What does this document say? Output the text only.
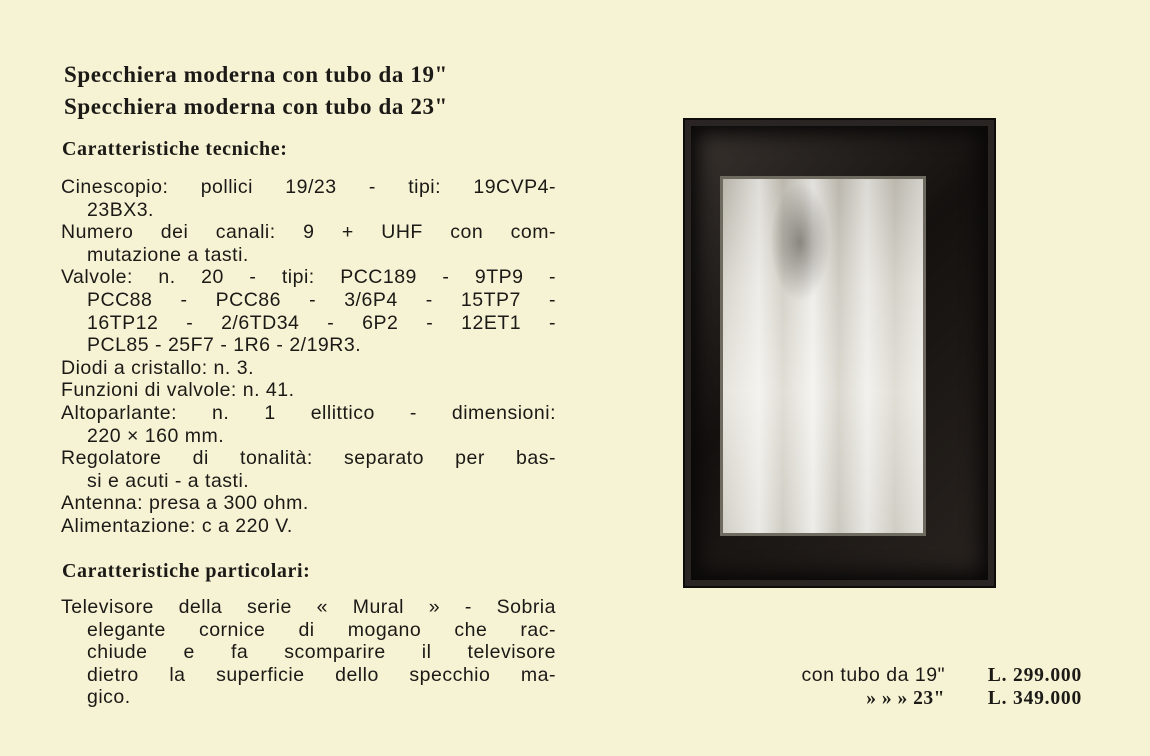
Specchiera moderna con tubo da 19"
Specchiera moderna con tubo da 23"
Caratteristiche tecniche:
Cinescopio: pollici 19/23 - tipi: 19CVP4-
23BX3.
Numero dei canali: 9 + UHF con com-
mutazione a tasti.
Valvole: n. 20 - tipi: PCC189 - 9TP9 -
PCC88 - PCC86 - 3/6P4 - 15TP7 -
16TP12 - 2/6TD34 - 6P2 - 12ET1 -
PCL85 - 25F7 - 1R6 - 2/19R3.
Diodi a cristallo: n. 3.
Funzioni di valvole: n. 41.
Altoparlante: n. 1 ellittico - dimensioni:
220 × 160 mm.
Regolatore di tonalità: separato per bas-
si e acuti - a tasti.
Antenna: presa a 300 ohm.
Alimentazione: c a 220 V.
Caratteristiche particolari:
Televisore della serie « Mural » - Sobria
elegante cornice di mogano che rac-
chiude e fa scomparire il televisore
dietro la superficie dello specchio ma-
gico.
con tubo da 19" L. 299.000
» » » 23" L. 349.000
